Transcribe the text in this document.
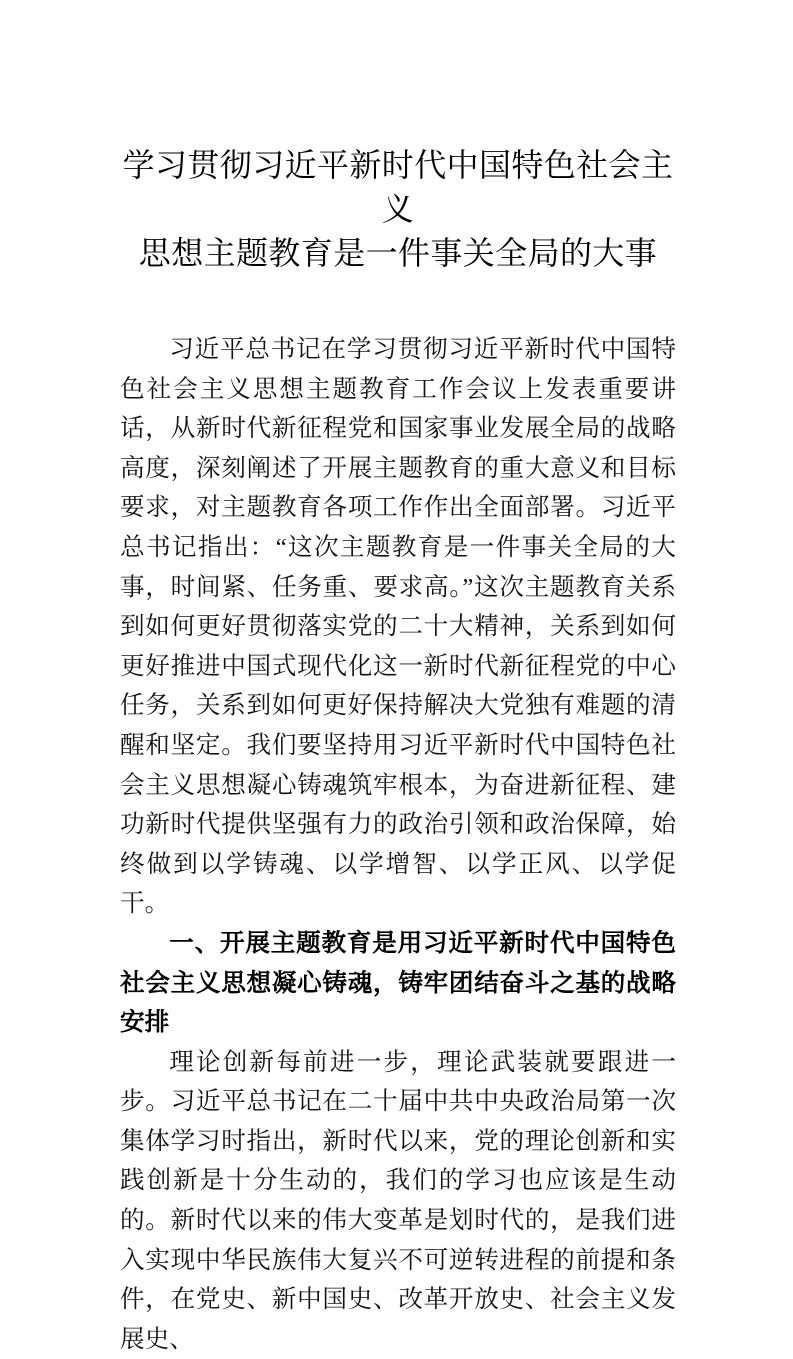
学习贯彻习近平新时代中国特色社会主义
思想主题教育是一件事关全局的大事

习近平总书记在学习贯彻习近平新时代中国特色社会主义思想主题教育工作会议上发表重要讲话，从新时代新征程党和国家事业发展全局的战略高度，深刻阐述了开展主题教育的重大意义和目标要求，对主题教育各项工作作出全面部署。习近平总书记指出：“这次主题教育是一件事关全局的大事，时间紧、任务重、要求高。”这次主题教育关系到如何更好贯彻落实党的二十大精神，关系到如何更好推进中国式现代化这一新时代新征程党的中心任务，关系到如何更好保持解决大党独有难题的清醒和坚定。我们要坚持用习近平新时代中国特色社会主义思想凝心铸魂筑牢根本，为奋进新征程、建功新时代提供坚强有力的政治引领和政治保障，始终做到以学铸魂、以学增智、以学正风、以学促干。

一、开展主题教育是用习近平新时代中国特色社会主义思想凝心铸魂，铸牢团结奋斗之基的战略安排

理论创新每前进一步，理论武装就要跟进一步。习近平总书记在二十届中共中央政治局第一次集体学习时指出，新时代以来，党的理论创新和实践创新是十分生动的，我们的学习也应该是生动的。新时代以来的伟大变革是划时代的，是我们进入实现中华民族伟大复兴不可逆转进程的前提和条件，在党史、新中国史、改革开放史、社会主义发展史、
